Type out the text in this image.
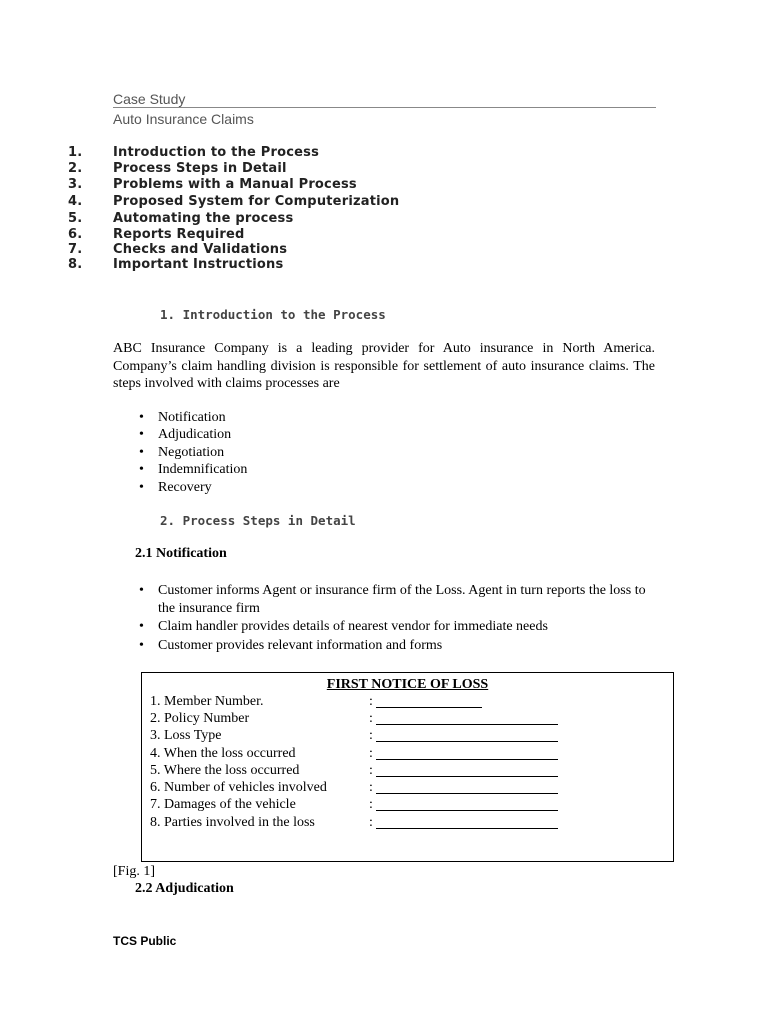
Case Study
Auto Insurance Claims
1. Introduction to the Process
2. Process Steps in Detail
3. Problems with a Manual Process
4. Proposed System for Computerization
5. Automating the process
6. Reports Required
7. Checks and Validations
8. Important Instructions
1. Introduction to the Process
ABC Insurance Company is a leading provider for Auto insurance in North America. Company’s claim handling division is responsible for settlement of auto insurance claims. The steps involved with claims processes are
• Notification
• Adjudication
• Negotiation
• Indemnification
• Recovery
2. Process Steps in Detail
2.1 Notification
• Customer informs Agent or insurance firm of the Loss. Agent in turn reports the loss to the insurance firm
• Claim handler provides details of nearest vendor for immediate needs
• Customer provides relevant information and forms
FIRST NOTICE OF LOSS
1. Member Number.	:
2. Policy Number	:
3. Loss Type	:
4. When the loss occurred	:
5. Where the loss occurred	:
6. Number of vehicles involved	:
7. Damages of the vehicle	:
8. Parties involved in the loss	:
[Fig. 1]
2.2 Adjudication
TCS Public
